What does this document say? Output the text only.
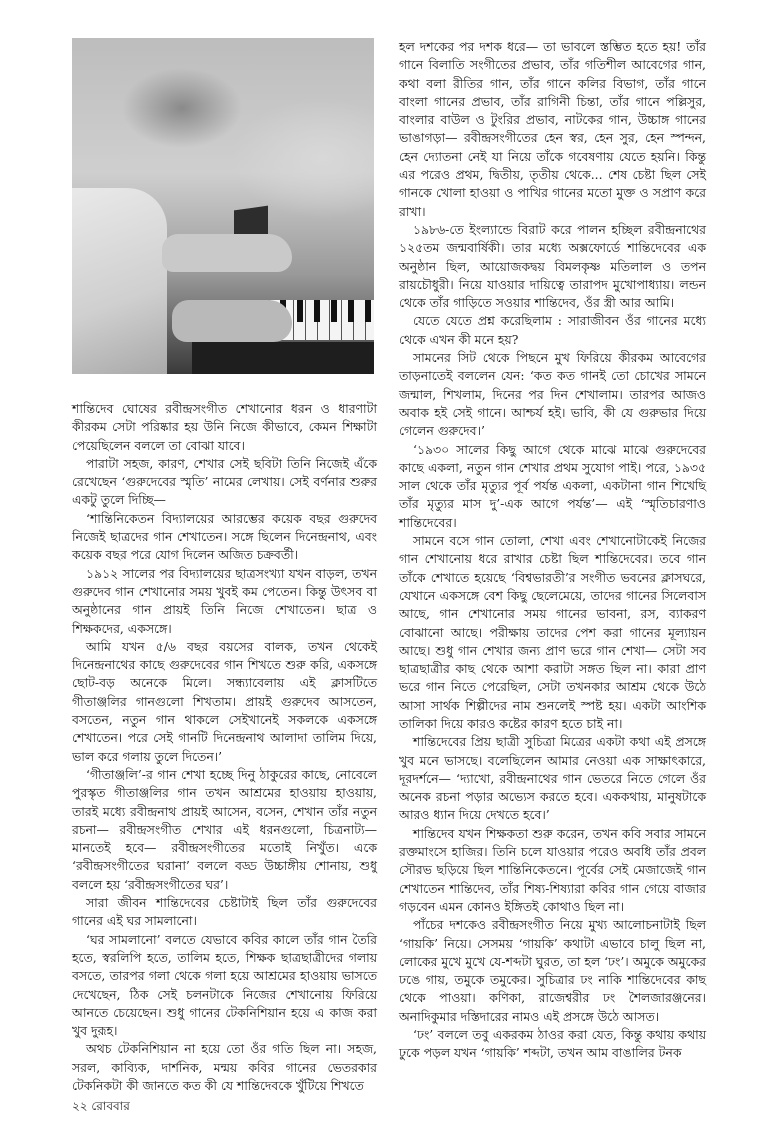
শান্তিদেব ঘোষের রবীন্দ্রসংগীত শেখানোর ধরন ও ধারণাটা কীরকম সেটা পরিষ্কার হয় উনি নিজে কীভাবে, কেমন শিক্ষাটা পেয়েছিলেন বললে তা বোঝা যাবে।

পারাটা সহজ, কারণ, শেখার সেই ছবিটা তিনি নিজেই এঁকে রেখেছেন ‘গুরুদেবের স্মৃতি’ নামের লেখায়। সেই বর্ণনার শুরুর একটু তুলে দিচ্ছি—

‘শান্তিনিকেতন বিদ্যালয়ের আরম্ভের কয়েক বছর গুরুদেব নিজেই ছাত্রদের গান শেখাতেন। সঙ্গে ছিলেন দিনেন্দ্রনাথ, এবং কয়েক বছর পরে যোগ দিলেন অজিত চক্রবর্তী।

১৯১২ সালের পর বিদ্যালয়ের ছাত্রসংখ্যা যখন বাড়ল, তখন গুরুদেব গান শেখানোর সময় খুবই কম পেতেন। কিন্তু উৎসব বা অনুষ্ঠানের গান প্রায়ই তিনি নিজে শেখাতেন। ছাত্র ও শিক্ষকদের, একসঙ্গে।

আমি যখন ৫/৬ বছর বয়সের বালক, তখন থেকেই দিনেন্দ্রনাথের কাছে গুরুদেবের গান শিখতে শুরু করি, একসঙ্গে ছোট-বড় অনেকে মিলে। সন্ধ্যাবেলায় এই ক্লাসটিতে গীতাঞ্জলির গানগুলো শিখতাম। প্রায়ই গুরুদেব আসতেন, বসতেন, নতুন গান থাকলে সেইখানেই সকলকে একসঙ্গে শেখাতেন। পরে সেই গানটি দিনেন্দ্রনাথ আলাদা তালিম দিয়ে, ভাল করে গলায় তুলে দিতেন।’

‘গীতাঞ্জলি’-র গান শেখা হচ্ছে দিনু ঠাকুরের কাছে, নোবেলে পুরস্কৃত গীতাঞ্জলির গান তখন আশ্রমের হাওয়ায় হাওয়ায়, তারই মধ্যে রবীন্দ্রনাথ প্রায়ই আসেন, বসেন, শেখান তাঁর নতুন রচনা— রবীন্দ্রসংগীত শেখার এই ধরনগুলো, চিত্রনাট্য— মানতেই হবে— রবীন্দ্রসংগীতের মতোই নিখুঁত। একে ‘রবীন্দ্রসংগীতের ঘরানা’ বললে বড্ড উচ্চাঙ্গীয় শোনায়, শুধু বললে হয় ‘রবীন্দ্রসংগীতের ঘর’।

সারা জীবন শান্তিদেবের চেষ্টাটাই ছিল তাঁর গুরুদেবের গানের এই ঘর সামলানো।

‘ঘর সামলানো’ বলতে যেভাবে কবির কালে তাঁর গান তৈরি হতে, স্বরলিপি হতে, তালিম হতে, শিক্ষক ছাত্রছাত্রীদের গলায় বসতে, তারপর গলা থেকে গলা হয়ে আশ্রমের হাওয়ায় ভাসতে দেখেছেন, ঠিক সেই চলনটাকে নিজের শেখানোয় ফিরিয়ে আনতে চেয়েছেন। শুধু গানের টেকনিশিয়ান হয়ে এ কাজ করা খুব দুরূহ।

অথচ টেকনিশিয়ান না হয়ে তো ওঁর গতি ছিল না। সহজ, সরল, কাব্যিক, দার্শনিক, মন্ময় কবির গানের ভেতরকার টেকনিকটা কী জানতে কত কী যে শান্তিদেবকে খুঁটিয়ে শিখতে

হল দশকের পর দশক ধরে— তা ভাবলে স্তম্ভিত হতে হয়! তাঁর গানে বিলাতি সংগীতের প্রভাব, তাঁর গতিশীল আবেগের গান, কথা বলা রীতির গান, তাঁর গানে কলির বিভাগ, তাঁর গানে বাংলা গানের প্রভাব, তাঁর রাগিনী চিন্তা, তাঁর গানে পল্লিসুর, বাংলার বাউল ও টুংরির প্রভাব, নাটকের গান, উচ্চাঙ্গ গানের ভাঙাগড়া— রবীন্দ্রসংগীতের হেন স্বর, হেন সুর, হেন স্পন্দন, হেন দ্যোতনা নেই যা নিয়ে তাঁকে গবেষণায় যেতে হয়নি। কিন্তু এর পরেও প্রথম, দ্বিতীয়, তৃতীয় থেকে... শেষ চেষ্টা ছিল সেই গানকে খোলা হাওয়া ও পাখির গানের মতো মুক্ত ও সপ্রাণ করে রাখা।

১৯৮৬-তে ইংল্যান্ডে বিরাট করে পালন হচ্ছিল রবীন্দ্রনাথের ১২৫তম জন্মবার্ষিকী। তার মধ্যে অক্সফোর্ডে শান্তিদেবের এক অনুষ্ঠান ছিল, আয়োজকদ্বয় বিমলকৃষ্ণ মতিলাল ও তপন রায়চৌধুরী। নিয়ে যাওয়ার দায়িত্বে তারাপদ মুখোপাধ্যায়। লন্ডন থেকে তাঁর গাড়িতে সওয়ার শান্তিদেব, ওঁর স্ত্রী আর আমি।

যেতে যেতে প্রশ্ন করেছিলাম : সারাজীবন ওঁর গানের মধ্যে থেকে এখন কী মনে হয়?

সামনের সিট থেকে পিছনে মুখ ফিরিয়ে কীরকম আবেগের তাড়নাতেই বললেন যেন: ‘কত কত গানই তো চোখের সামনে জন্মাল, শিখলাম, দিনের পর দিন শেখালাম। তারপর আজও অবাক হই সেই গানে। আশ্চর্য হই। ভাবি, কী যে গুরুভার দিয়ে গেলেন গুরুদেব।’

‘১৯৩০ সালের কিছু আগে থেকে মাঝে মাঝে গুরুদেবের কাছে একলা, নতুন গান শেখার প্রথম সুযোগ পাই। পরে, ১৯৩৫ সাল থেকে তাঁর মৃত্যুর পূর্ব পর্যন্ত একলা, একটানা গান শিখেছি তাঁর মৃত্যুর মাস দু’-এক আগে পর্যন্ত’— এই ‘স্মৃতিচারণাও শান্তিদেবের।

সামনে বসে গান তোলা, শেখা এবং শেখানোটাকেই নিজের গান শেখানোয় ধরে রাখার চেষ্টা ছিল শান্তিদেবের। তবে গান তাঁকে শেখাতে হয়েছে ‘বিশ্বভারতী’র সংগীত ভবনের ক্লাসঘরে, যেখানে একসঙ্গে বেশ কিছু ছেলেমেয়ে, তাদের গানের সিলেবাস আছে, গান শেখানোর সময় গানের ভাবনা, রস, ব্যাকরণ বোঝানো আছে। পরীক্ষায় তাদের পেশ করা গানের মূল্যায়ন আছে। শুধু গান শেখার জন্য প্রাণ ভরে গান শেখা— সেটা সব ছাত্রছাত্রীর কাছ থেকে আশা করাটা সঙ্গত ছিল না। কারা প্রাণ ভরে গান নিতে পেরেছিল, সেটা তখনকার আশ্রম থেকে উঠে আসা সার্থক শিল্পীদের নাম শুনলেই স্পষ্ট হয়। একটা আংশিক তালিকা দিয়ে কারও কষ্টের কারণ হতে চাই না।

শান্তিদেবের প্রিয় ছাত্রী সুচিত্রা মিত্রের একটা কথা এই প্রসঙ্গে খুব মনে ভাসছে। বলেছিলেন আমার নেওয়া এক সাক্ষাৎকারে, দূরদর্শনে— ‘দ্যাখো, রবীন্দ্রনাথের গান ভেতরে নিতে গেলে ওঁর অনেক রচনা পড়ার অভ্যেস করতে হবে। এককথায়, মানুষটাকে আরও ধ্যান দিয়ে দেখতে হবে।’

শান্তিদেব যখন শিক্ষকতা শুরু করেন, তখন কবি সবার সামনে রক্তমাংসে হাজির। তিনি চলে যাওয়ার পরেও অবধি তাঁর প্রবল সৌরভ ছড়িয়ে ছিল শান্তিনিকেতনে। পূর্বের সেই মেজাজেই গান শেখাতেন শান্তিদেব, তাঁর শিষ্য-শিষ্যারা কবির গান গেয়ে বাজার গড়বেন এমন কোনও ইঙ্গিতই কোথাও ছিল না।

পাঁচের দশকেও রবীন্দ্রসংগীত নিয়ে মুখ্য আলোচনাটাই ছিল ‘গায়কি’ নিয়ে। সেসময় ‘গায়কি’ কথাটা এভাবে চালু ছিল না, লোকের মুখে মুখে যে-শব্দটা ঘুরত, তা হল ‘ঢং’। অমুকে অমুকের ঢঙে গায়, তমুকে তমুকের। সুচিত্রার ঢং নাকি শান্তিদেবের কাছ থেকে পাওয়া। কণিকা, রাজেশ্বরীর ঢং শৈলজারঞ্জনের। অনাদিকুমার দস্তিদারের নামও এই প্রসঙ্গে উঠে আসত।

‘ঢং’ বললে তবু একরকম ঠাওর করা যেত, কিন্তু কথায় কথায় ঢুকে পড়ল যখন ‘গায়কি’ শব্দটা, তখন আম বাঙালির টনক

২২ রোববার
